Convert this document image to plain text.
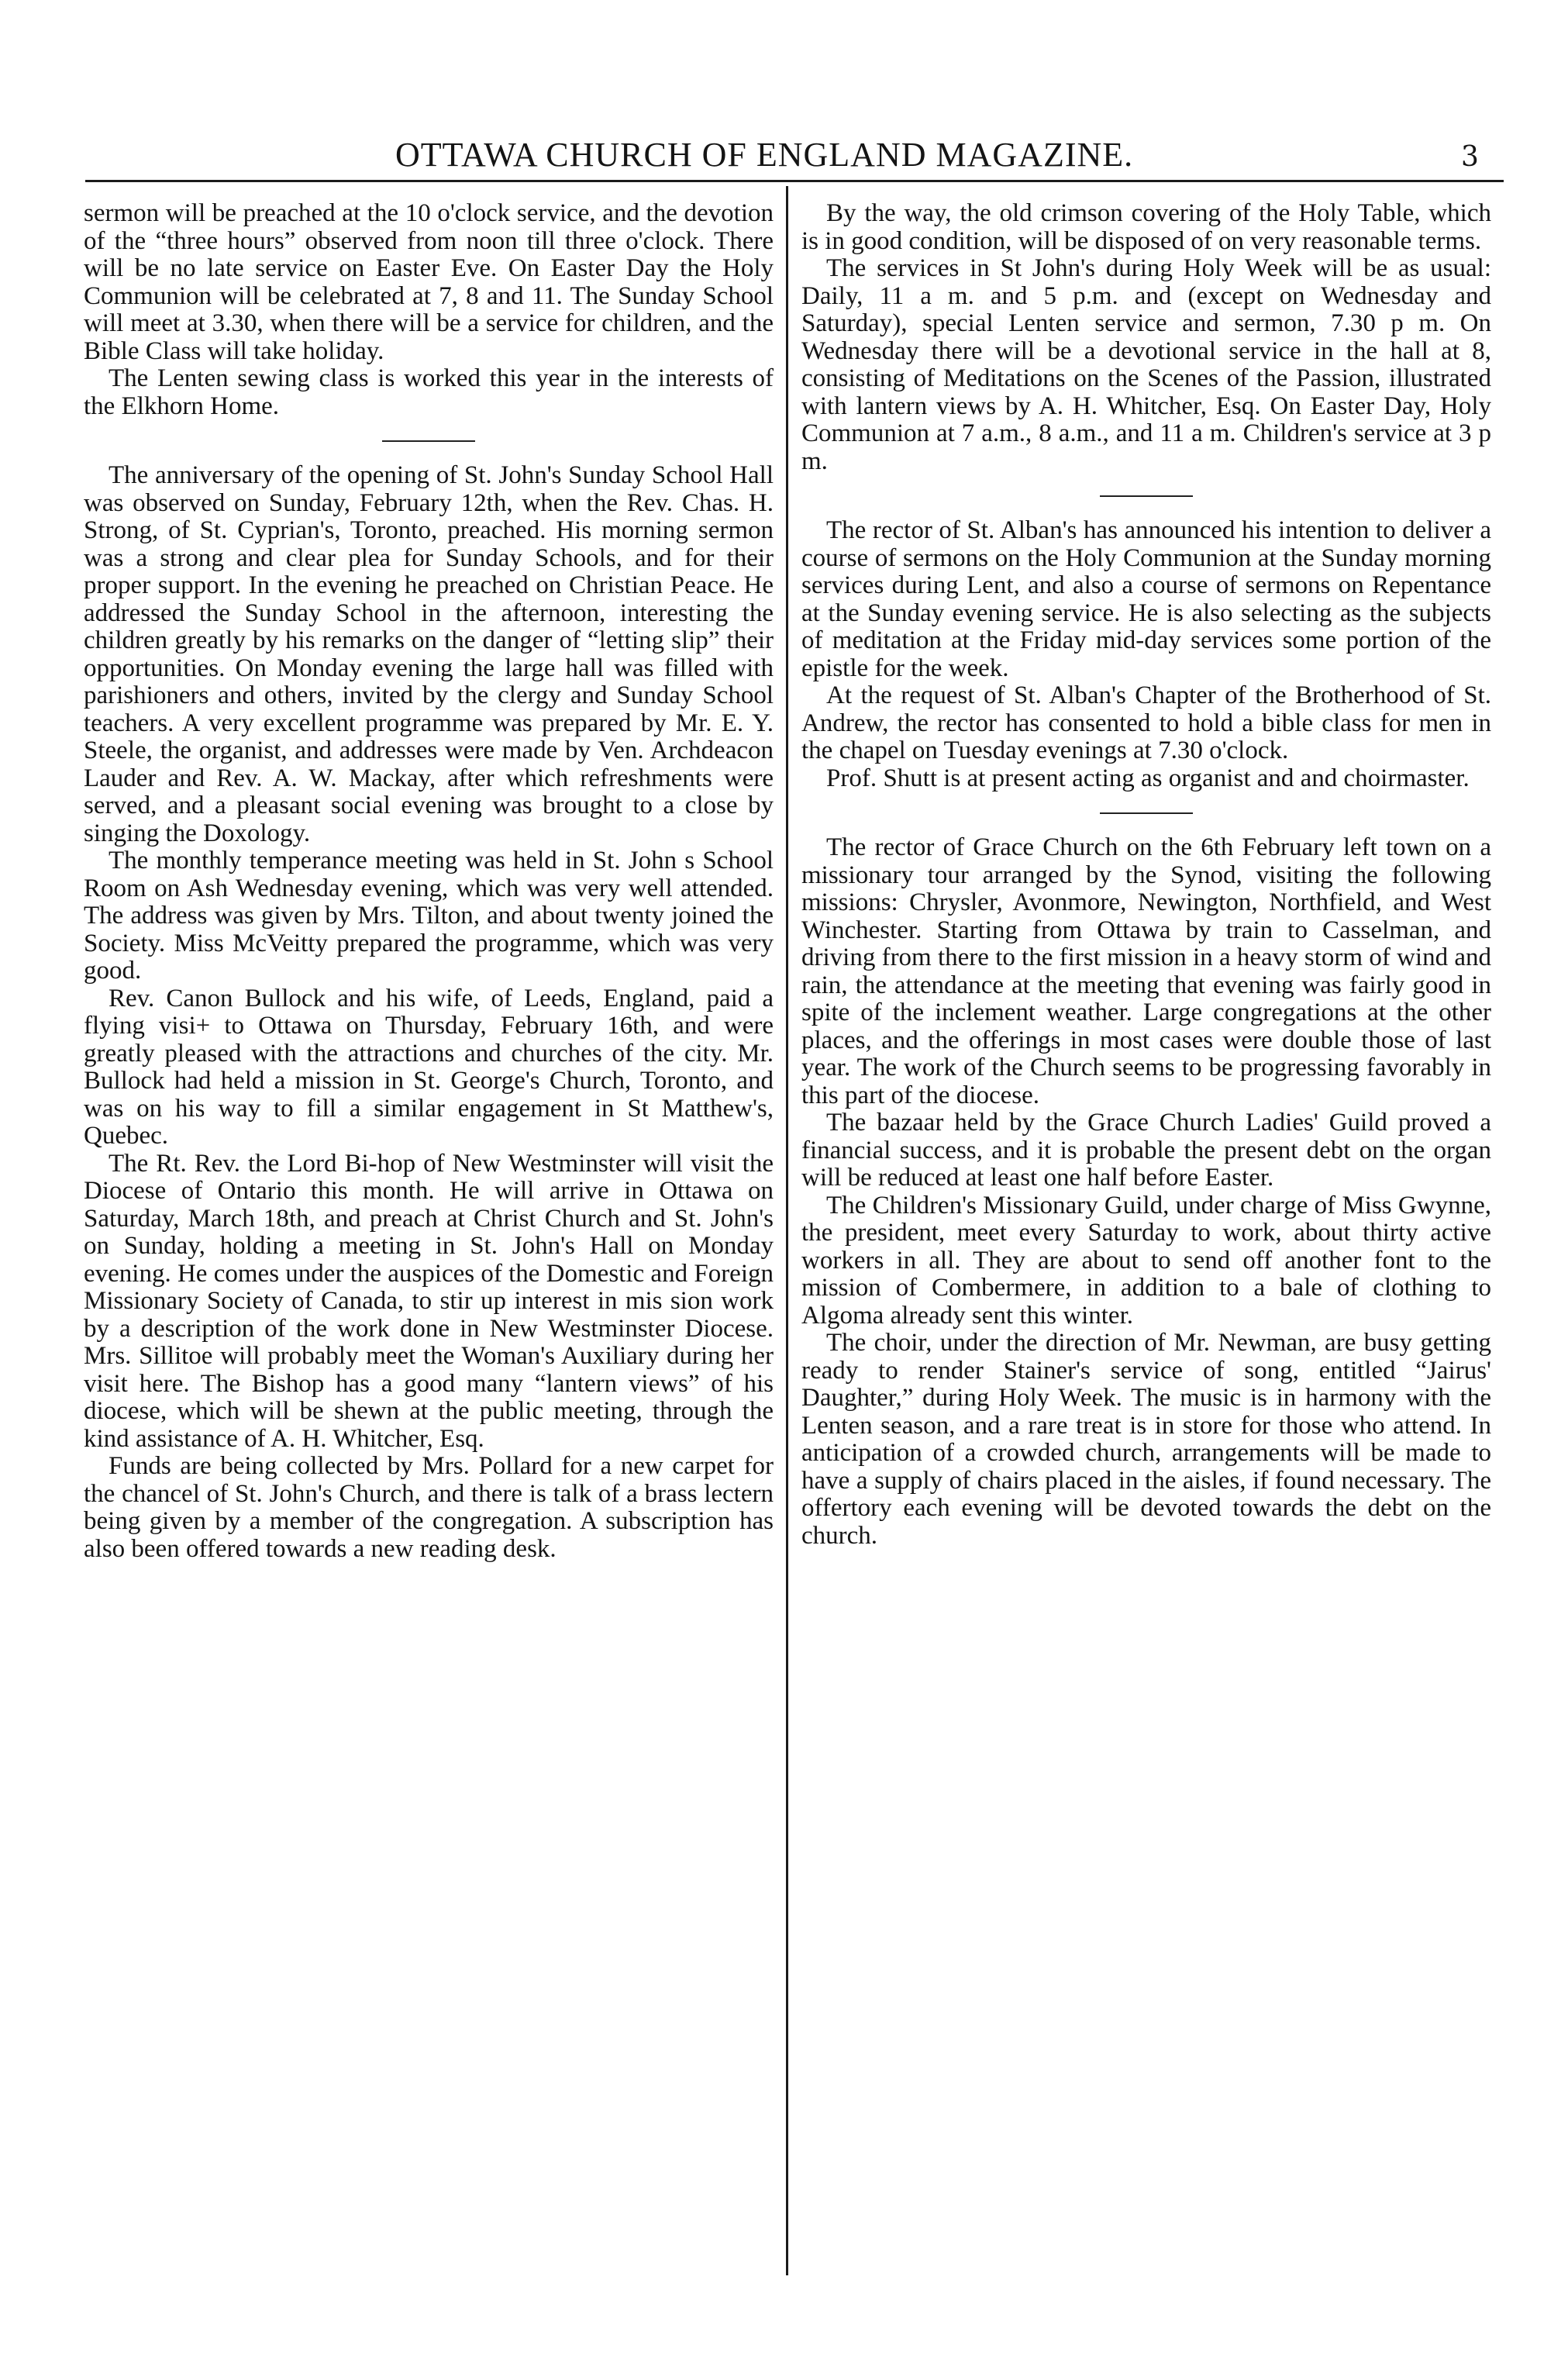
OTTAWA CHURCH OF ENGLAND MAGAZINE.	3

sermon will be preached at the 10 o'clock service, and the devotion of the “three hours” observed from noon till three o'clock. There will be no late service on Easter Eve. On Easter Day the Holy Communion will be celebrated at 7, 8 and 11. The Sunday School will meet at 3.30, when there will be a service for children, and the Bible Class will take holiday.

The Lenten sewing class is worked this year in the interests of the Elkhorn Home.

The anniversary of the opening of St. John's Sunday School Hall was observed on Sunday, February 12th, when the Rev. Chas. H. Strong, of St. Cyprian's, Toronto, preached. His morning sermon was a strong and clear plea for Sunday Schools, and for their proper support. In the evening he preached on Christian Peace. He addressed the Sunday School in the afternoon, interesting the children greatly by his remarks on the danger of “letting slip” their opportunities. On Monday evening the large hall was filled with parishioners and others, invited by the clergy and Sunday School teachers. A very excellent programme was prepared by Mr. E. Y. Steele, the organist, and addresses were made by Ven. Archdeacon Lauder and Rev. A. W. Mackay, after which refreshments were served, and a pleasant social evening was brought to a close by singing the Doxology.

The monthly temperance meeting was held in St. John s School Room on Ash Wednesday evening, which was very well attended. The address was given by Mrs. Tilton, and about twenty joined the Society. Miss McVeitty prepared the programme, which was very good.

Rev. Canon Bullock and his wife, of Leeds, England, paid a flying visi+ to Ottawa on Thursday, February 16th, and were greatly pleased with the attractions and churches of the city. Mr. Bullock had held a mission in St. George's Church, Toronto, and was on his way to fill a similar engagement in St Matthew's, Quebec.

The Rt. Rev. the Lord Bi-hop of New Westminster will visit the Diocese of Ontario this month. He will arrive in Ottawa on Saturday, March 18th, and preach at Christ Church and St. John's on Sunday, holding a meeting in St. John's Hall on Monday evening. He comes under the auspices of the Domestic and Foreign Missionary Society of Canada, to stir up interest in mis sion work by a description of the work done in New Westminster Diocese. Mrs. Sillitoe will probably meet the Woman's Auxiliary during her visit here. The Bishop has a good many “lantern views” of his diocese, which will be shewn at the public meeting, through the kind assistance of A. H. Whitcher, Esq.

Funds are being collected by Mrs. Pollard for a new carpet for the chancel of St. John's Church, and there is talk of a brass lectern being given by a member of the congregation. A subscription has also been offered towards a new reading desk.

By the way, the old crimson covering of the Holy Table, which is in good condition, will be disposed of on very reasonable terms.

The services in St John's during Holy Week will be as usual: Daily, 11 a m. and 5 p.m. and (except on Wednesday and Saturday), special Lenten service and sermon, 7.30 p m. On Wednesday there will be a devotional service in the hall at 8, consisting of Meditations on the Scenes of the Passion, illustrated with lantern views by A. H. Whitcher, Esq. On Easter Day, Holy Communion at 7 a.m., 8 a.m., and 11 a m. Children's service at 3 p m.

The rector of St. Alban's has announced his intention to deliver a course of sermons on the Holy Communion at the Sunday morning services during Lent, and also a course of sermons on Repentance at the Sunday evening service. He is also selecting as the subjects of meditation at the Friday mid-day services some portion of the epistle for the week.

At the request of St. Alban's Chapter of the Brotherhood of St. Andrew, the rector has consented to hold a bible class for men in the chapel on Tuesday evenings at 7.30 o'clock.

Prof. Shutt is at present acting as organist and and choirmaster.

The rector of Grace Church on the 6th February left town on a missionary tour arranged by the Synod, visiting the following missions: Chrysler, Avonmore, Newington, Northfield, and West Winchester. Starting from Ottawa by train to Casselman, and driving from there to the first mission in a heavy storm of wind and rain, the attendance at the meeting that evening was fairly good in spite of the inclement weather. Large congregations at the other places, and the offerings in most cases were double those of last year. The work of the Church seems to be progressing favorably in this part of the diocese.

The bazaar held by the Grace Church Ladies' Guild proved a financial success, and it is probable the present debt on the organ will be reduced at least one half before Easter.

The Children's Missionary Guild, under charge of Miss Gwynne, the president, meet every Saturday to work, about thirty active workers in all. They are about to send off another font to the mission of Combermere, in addition to a bale of clothing to Algoma already sent this winter.

The choir, under the direction of Mr. Newman, are busy getting ready to render Stainer's service of song, entitled “Jairus' Daughter,” during Holy Week. The music is in harmony with the Lenten season, and a rare treat is in store for those who attend. In anticipation of a crowded church, arrangements will be made to have a supply of chairs placed in the aisles, if found necessary. The offertory each evening will be devoted towards the debt on the church.
